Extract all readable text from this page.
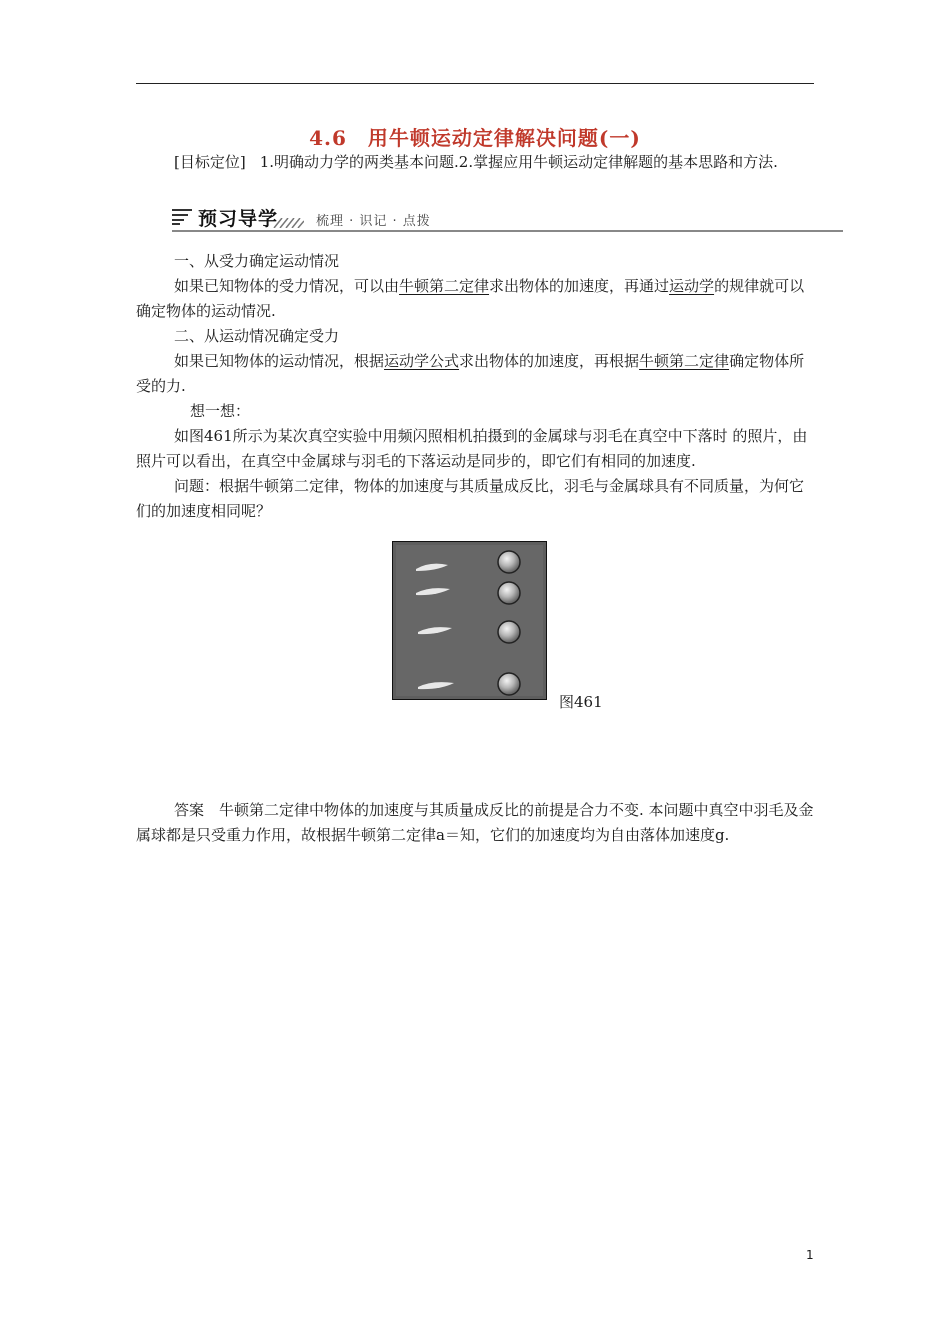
4.6　用牛顿运动定律解决问题(一)
[目标定位] 1.明确动力学的两类基本问题.2.掌握应用牛顿运动定律解题的基本思路和方法.
预习导学	梳理 · 识记 · 点拨
一、从受力确定运动情况
如果已知物体的受力情况，可以由牛顿第二定律求出物体的加速度，再通过运动学的规律就可以确定物体的运动情况.
二、从运动情况确定受力
如果已知物体的运动情况，根据运动学公式求出物体的加速度，再根据牛顿第二定律确定物体所受的力.
想一想：
如图461所示为某次真空实验中用频闪照相机拍摄到的金属球与羽毛在真空中下落时 的照片，由照片可以看出，在真空中金属球与羽毛的下落运动是同步的，即它们有相同的加速度.
问题：根据牛顿第二定律，物体的加速度与其质量成反比，羽毛与金属球具有不同质量，为何它们的加速度相同呢？
图461
答案　牛顿第二定律中物体的加速度与其质量成反比的前提是合力不变. 本问题中真空中羽毛及金属球都是只受重力作用，故根据牛顿第二定律a＝知，它们的加速度均为自由落体加速度g.
1
